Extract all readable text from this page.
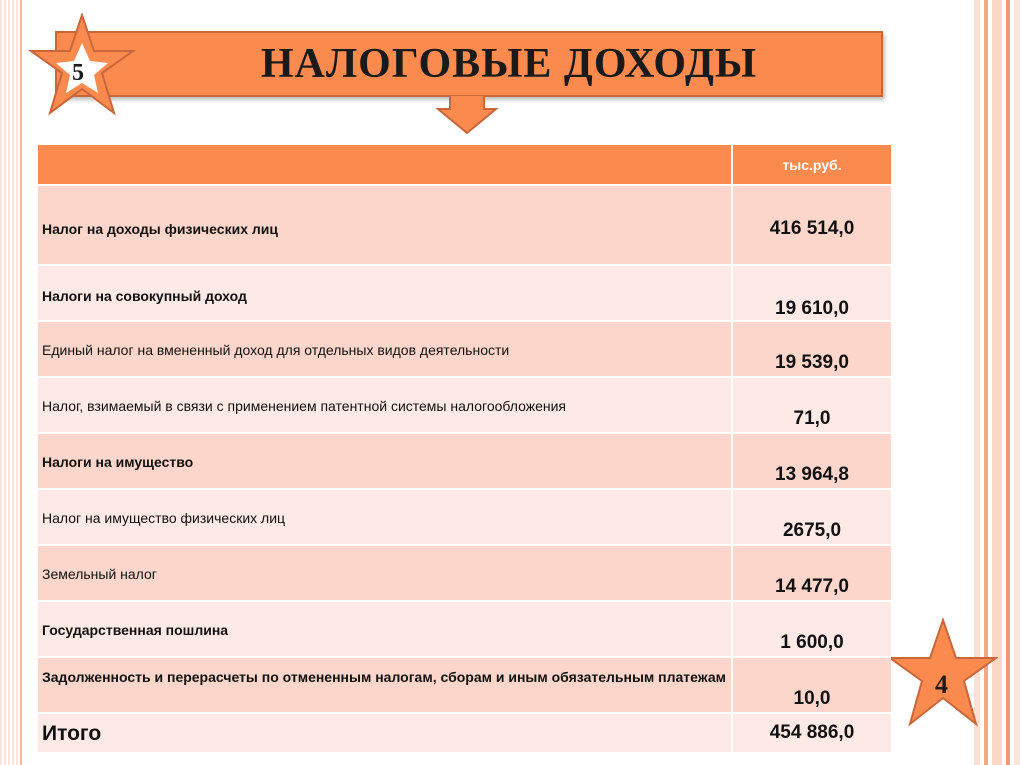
НАЛОГОВЫЕ ДОХОДЫ
5
4
	тыс.руб.
Налог на доходы физических лиц	416 514,0
Налоги на совокупный доход	19 610,0
Единый налог на вмененный доход для отдельных видов деятельности	19 539,0
Налог, взимаемый в связи с применением патентной системы налогообложения	71,0
Налоги на имущество	13 964,8
Налог на имущество физических лиц	2675,0
Земельный налог	14 477,0
Государственная пошлина	1 600,0
Задолженность и перерасчеты по отмененным налогам, сборам и иным обязательным платежам	10,0
Итого	454 886,0
